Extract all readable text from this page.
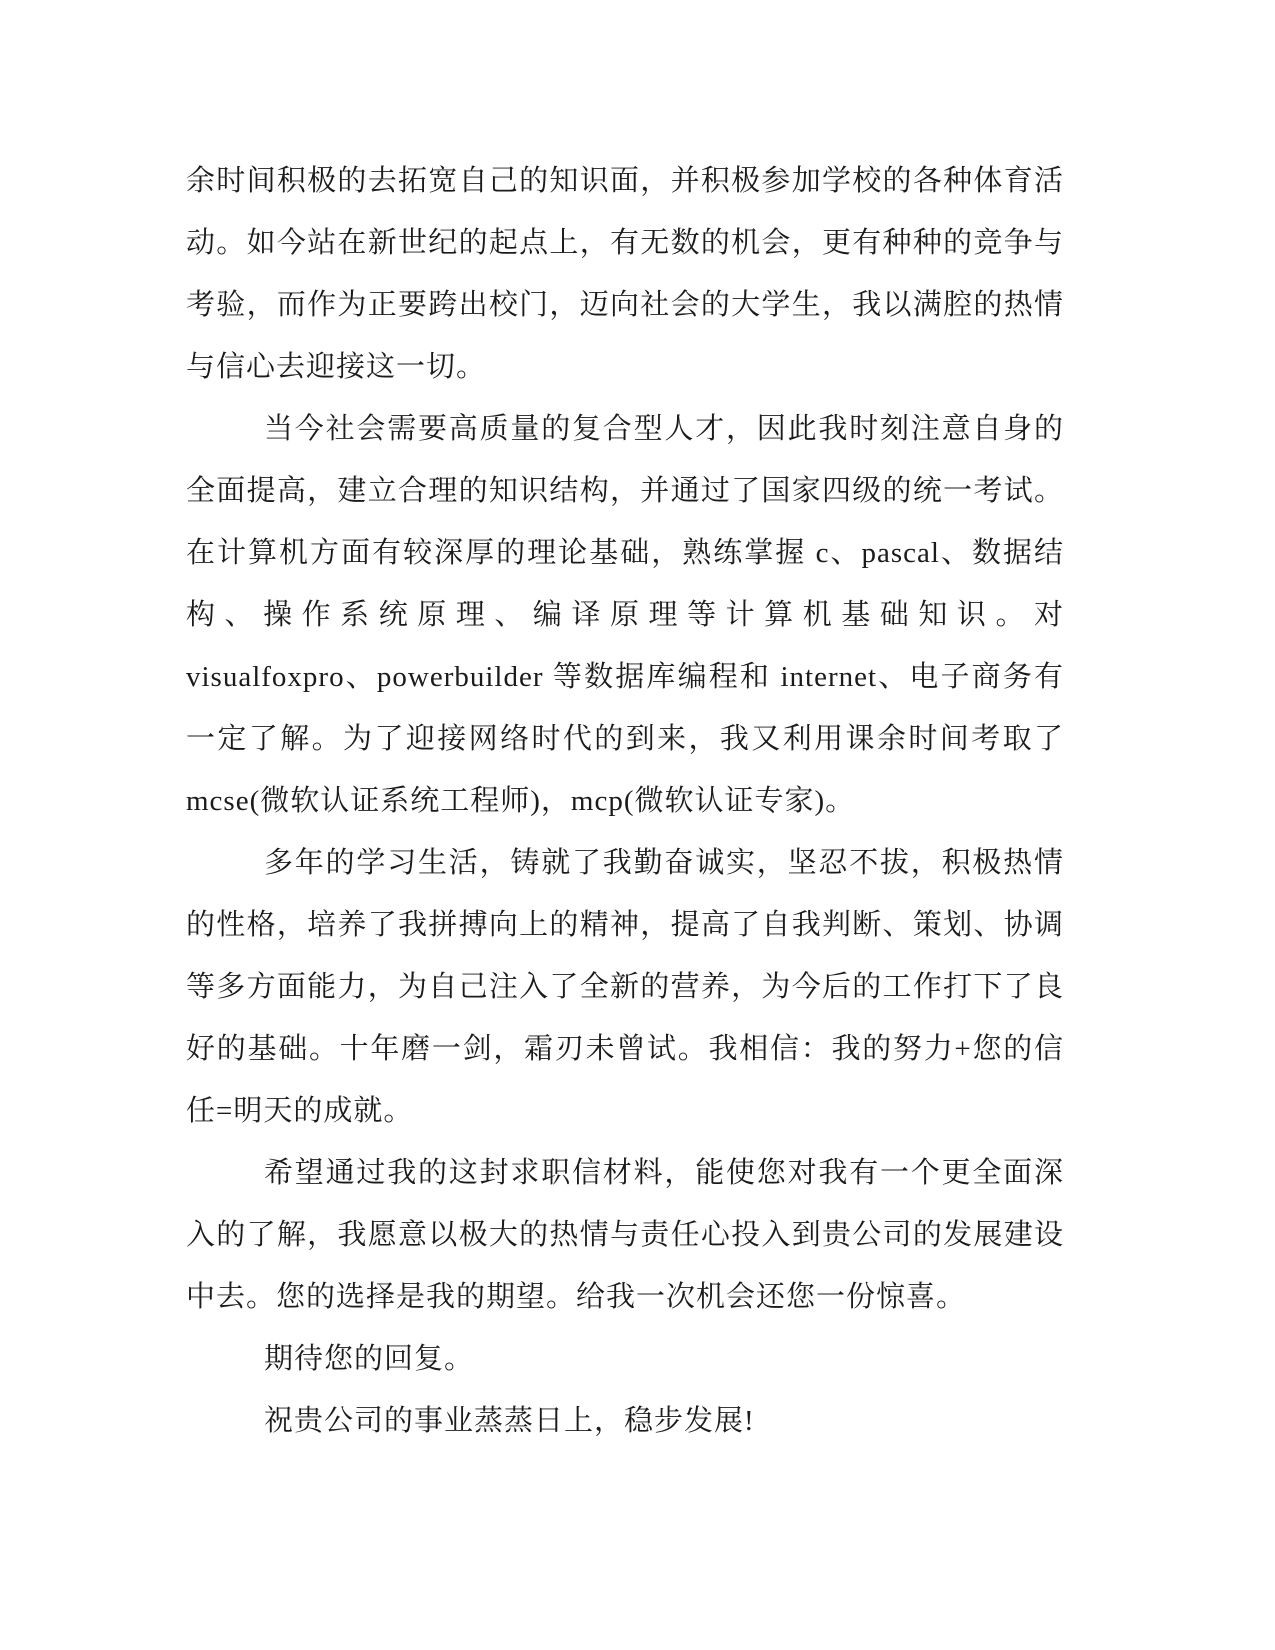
余时间积极的去拓宽自己的知识面，并积极参加学校的各种体育活动。如今站在新世纪的起点上，有无数的机会，更有种种的竞争与考验，而作为正要跨出校门，迈向社会的大学生，我以满腔的热情与信心去迎接这一切。

当今社会需要高质量的复合型人才，因此我时刻注意自身的全面提高，建立合理的知识结构，并通过了国家四级的统一考试。在计算机方面有较深厚的理论基础，熟练掌握 c、pascal、数据结构、操作系统原理、编译原理等计算机基础知识。对 visualfoxpro、powerbuilder 等数据库编程和 internet、电子商务有一定了解。为了迎接网络时代的到来，我又利用课余时间考取了 mcse(微软认证系统工程师)，mcp(微软认证专家)。

多年的学习生活，铸就了我勤奋诚实，坚忍不拔，积极热情的性格，培养了我拼搏向上的精神，提高了自我判断、策划、协调等多方面能力，为自己注入了全新的营养，为今后的工作打下了良好的基础。十年磨一剑，霜刃未曾试。我相信：我的努力+您的信任=明天的成就。

希望通过我的这封求职信材料，能使您对我有一个更全面深入的了解，我愿意以极大的热情与责任心投入到贵公司的发展建设中去。您的选择是我的期望。给我一次机会还您一份惊喜。

期待您的回复。

祝贵公司的事业蒸蒸日上，稳步发展!
